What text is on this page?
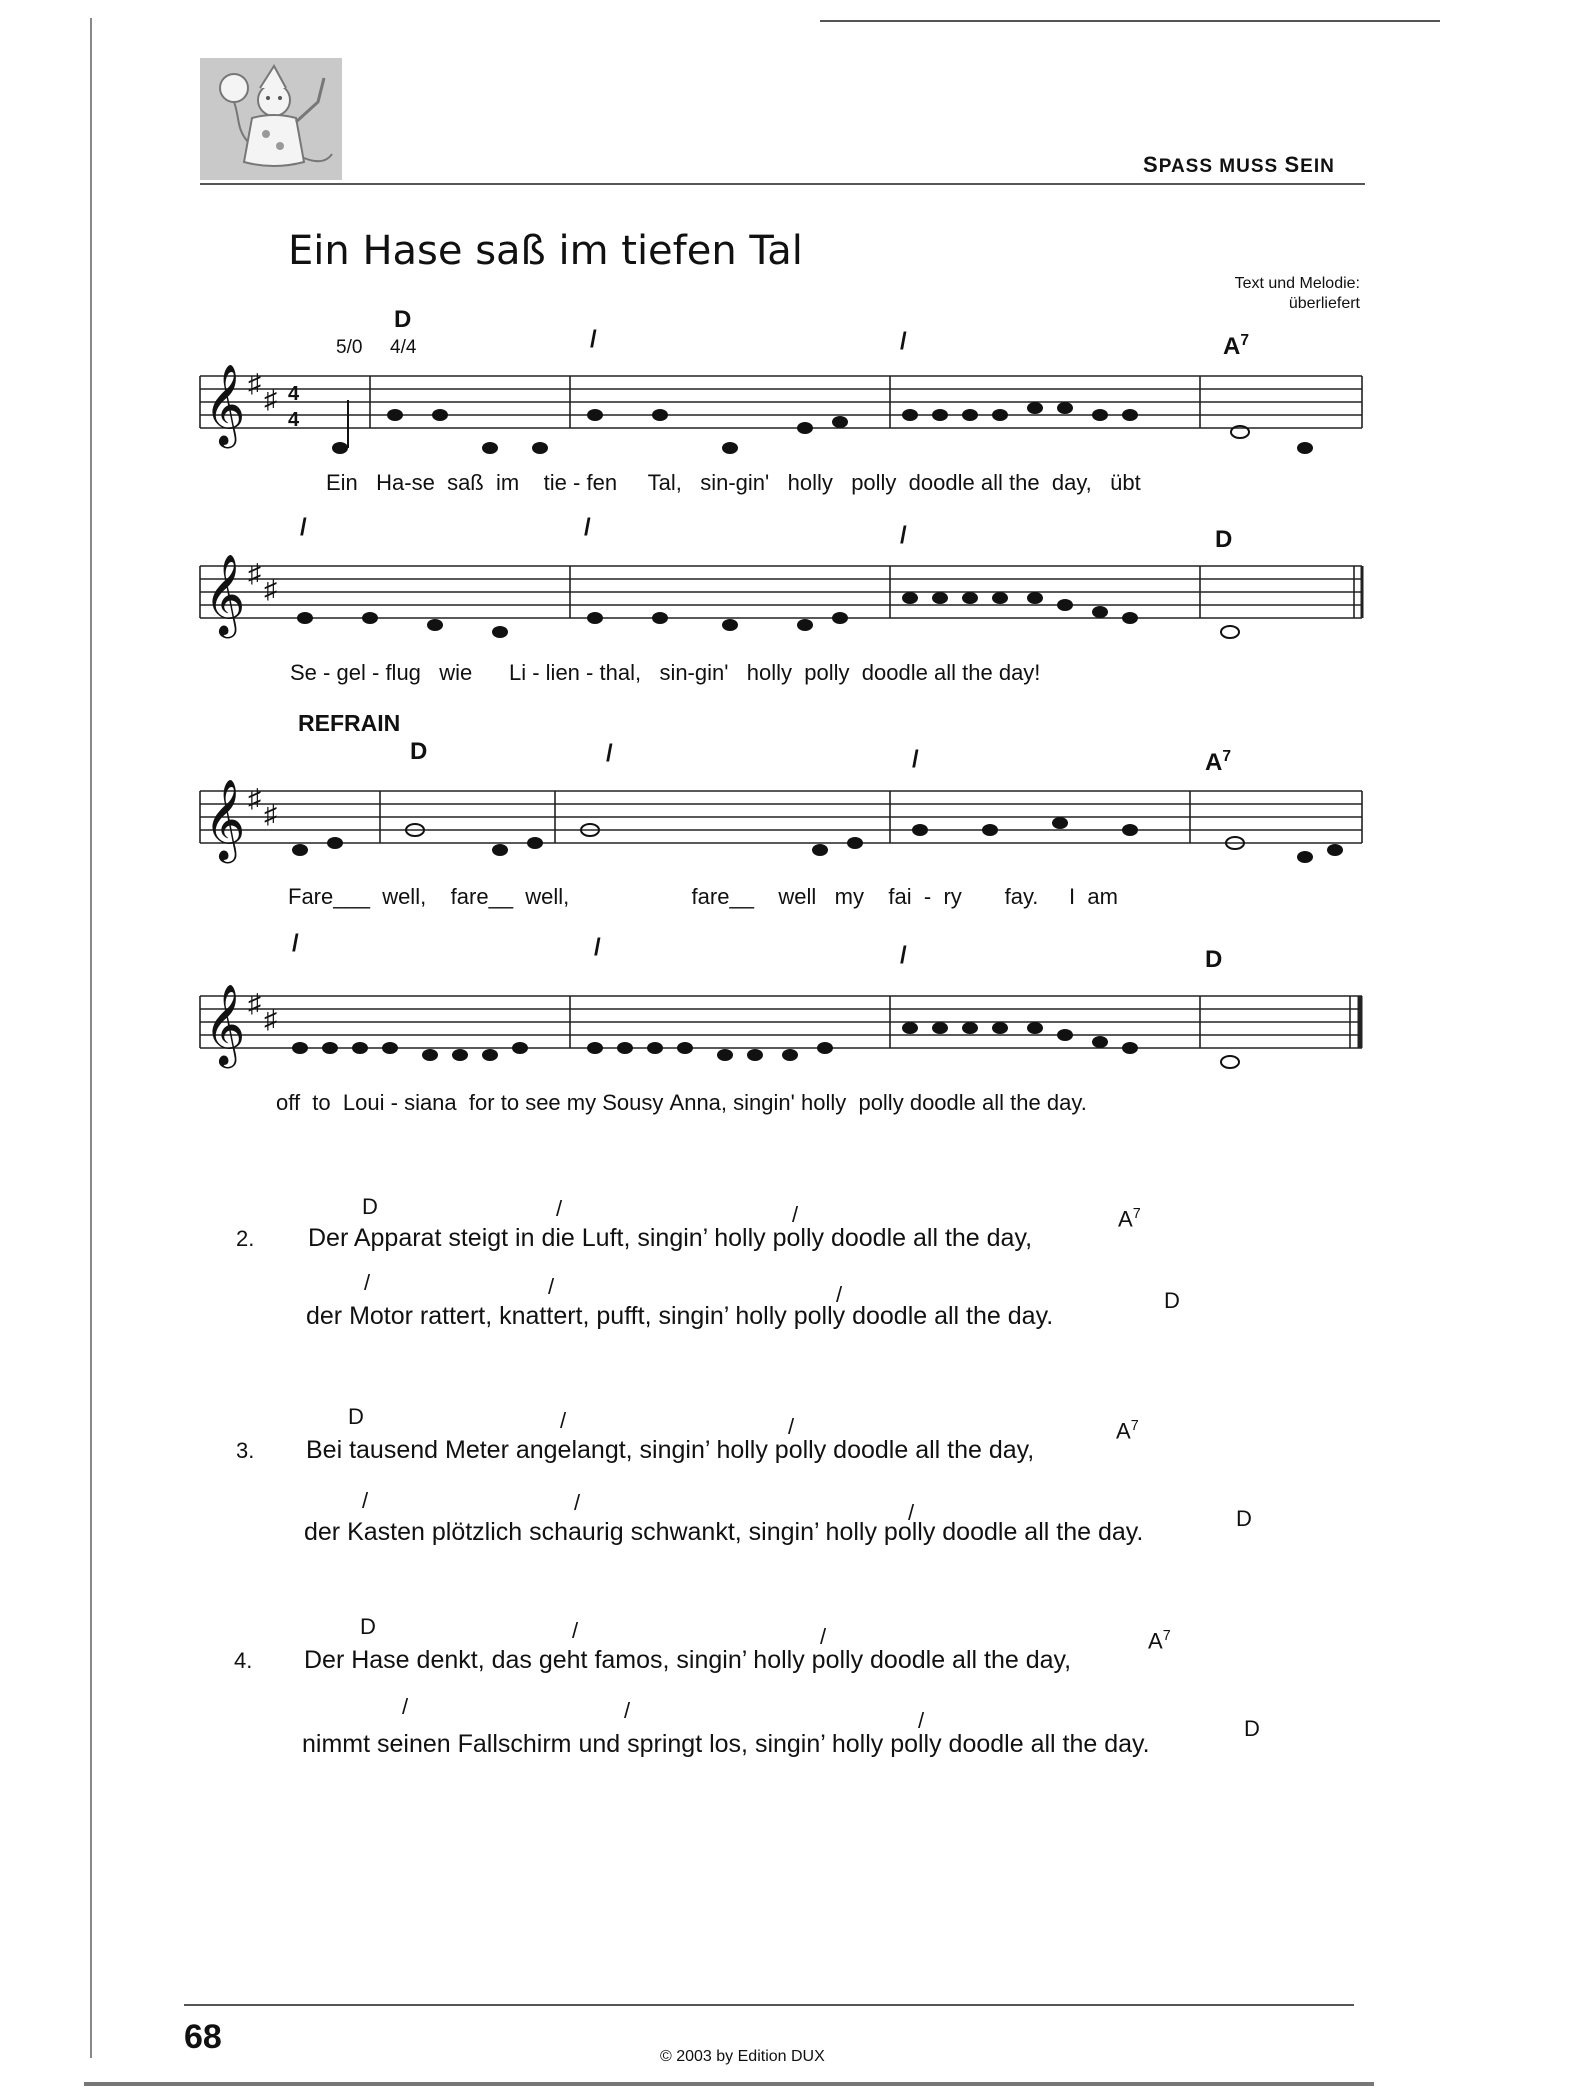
SPASS MUSS SEIN
Ein Hase saß im tiefen Tal
Text und Melodie:
überliefert
5/0 4/4
D
/	/	$A^7$
𝄞 ♯
♯ 4
4
Ein Ha-se saß im tie - fen Tal, sin-gin' holly polly doodle all the day, übt
/	/	/	D
𝄞 ♯
♯
Se - gel - flug wie Li - lien - thal, sin-gin' holly polly doodle all the day!
REFRAIN
D	/	/	$A^7$
𝄞 ♯
♯
Fare___  well, fare__  well,	fare__    well my fai - ry fay. I am
/	/	/	D
𝄞 ♯
♯
off to Loui - siana for to see my Sousy Anna, singin' holly polly doodle all the day.
D	/	/	$A^7$
2. Der Apparat steigt in die Luft, singin’ holly polly doodle all the day,
/	/	/	D
der Motor rattert, knattert, pufft, singin’ holly polly doodle all the day.
D	/	/	$A^7$
3. Bei tausend Meter angelangt, singin’ holly polly doodle all the day,
/	/	/	D
der Kasten plötzlich schaurig schwankt, singin’ holly polly doodle all the day.
D	/	/	$A^7$
4. Der Hase denkt, das geht famos, singin’ holly polly doodle all the day,
/	/	/	D
nimmt seinen Fallschirm und springt los, singin’ holly polly doodle all the day.
68
© 2003 by Edition DUX
